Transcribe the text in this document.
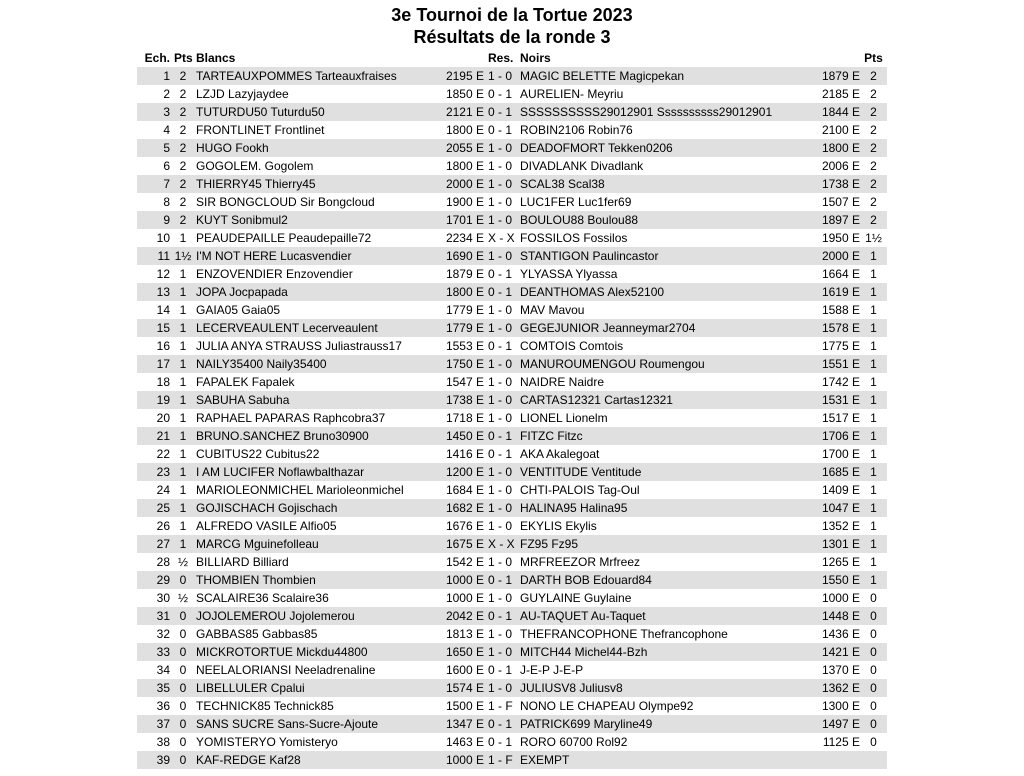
3e Tournoi de la Tortue 2023
Résultats de la ronde 3
Ech.	Pts	Blancs		Res.	Noirs		Pts
1	2	TARTEAUXPOMMES Tarteauxfraises	2195 E	1 - 0	MAGIC BELETTE Magicpekan	1879 E	2
2	2	LZJD Lazyjaydee	1850 E	0 - 1	AURELIEN- Meyriu	2185 E	2
3	2	TUTURDU50 Tuturdu50	2121 E	0 - 1	SSSSSSSSSS29012901 Ssssssssss29012901	1844 E	2
4	2	FRONTLINET Frontlinet	1800 E	0 - 1	ROBIN2106 Robin76	2100 E	2
5	2	HUGO Fookh	2055 E	1 - 0	DEADOFMORT Tekken0206	1800 E	2
6	2	GOGOLEM. Gogolem	1800 E	1 - 0	DIVADLANK Divadlank	2006 E	2
7	2	THIERRY45 Thierry45	2000 E	1 - 0	SCAL38 Scal38	1738 E	2
8	2	SIR BONGCLOUD Sir Bongcloud	1900 E	1 - 0	LUC1FER Luc1fer69	1507 E	2
9	2	KUYT Sonibmul2	1701 E	1 - 0	BOULOU88 Boulou88	1897 E	2
10	1	PEAUDEPAILLE Peaudepaille72	2234 E	X - X	FOSSILOS Fossilos	1950 E	1½
11	1½	I'M NOT HERE Lucasvendier	1690 E	1 - 0	STANTIGON Paulincastor	2000 E	1
12	1	ENZOVENDIER Enzovendier	1879 E	0 - 1	YLYASSA Ylyassa	1664 E	1
13	1	JOPA Jocpapada	1800 E	0 - 1	DEANTHOMAS Alex52100	1619 E	1
14	1	GAIA05 Gaia05	1779 E	1 - 0	MAV Mavou	1588 E	1
15	1	LECERVEAULENT Lecerveaulent	1779 E	1 - 0	GEGEJUNIOR Jeanneymar2704	1578 E	1
16	1	JULIA ANYA STRAUSS Juliastrauss17	1553 E	0 - 1	COMTOIS Comtois	1775 E	1
17	1	NAILY35400 Naily35400	1750 E	1 - 0	MANUROUMENGOU Roumengou	1551 E	1
18	1	FAPALEK Fapalek	1547 E	1 - 0	NAIDRE Naidre	1742 E	1
19	1	SABUHA Sabuha	1738 E	1 - 0	CARTAS12321 Cartas12321	1531 E	1
20	1	RAPHAEL PAPARAS Raphcobra37	1718 E	1 - 0	LIONEL Lionelm	1517 E	1
21	1	BRUNO.SANCHEZ Bruno30900	1450 E	0 - 1	FITZC Fitzc	1706 E	1
22	1	CUBITUS22 Cubitus22	1416 E	0 - 1	AKA Akalegoat	1700 E	1
23	1	I AM LUCIFER Noflawbalthazar	1200 E	1 - 0	VENTITUDE Ventitude	1685 E	1
24	1	MARIOLEONMICHEL Marioleonmichel	1684 E	1 - 0	CHTI-PALOIS Tag-Oul	1409 E	1
25	1	GOJISCHACH Gojischach	1682 E	1 - 0	HALINA95 Halina95	1047 E	1
26	1	ALFREDO VASILE Alfio05	1676 E	1 - 0	EKYLIS Ekylis	1352 E	1
27	1	MARCG Mguinefolleau	1675 E	X - X	FZ95 Fz95	1301 E	1
28	½	BILLIARD Billiard	1542 E	1 - 0	MRFREEZOR Mrfreez	1265 E	1
29	0	THOMBIEN Thombien	1000 E	0 - 1	DARTH BOB Edouard84	1550 E	1
30	½	SCALAIRE36 Scalaire36	1000 E	1 - 0	GUYLAINE Guylaine	1000 E	0
31	0	JOJOLEMEROU Jojolemerou	2042 E	0 - 1	AU-TAQUET Au-Taquet	1448 E	0
32	0	GABBAS85 Gabbas85	1813 E	1 - 0	THEFRANCOPHONE Thefrancophone	1436 E	0
33	0	MICKROTORTUE Mickdu44800	1650 E	1 - 0	MITCH44 Michel44-Bzh	1421 E	0
34	0	NEELALORIANSI Neeladrenaline	1600 E	0 - 1	J-E-P J-E-P	1370 E	0
35	0	LIBELLULER Cpalui	1574 E	1 - 0	JULIUSV8 Juliusv8	1362 E	0
36	0	TECHNICK85 Technick85	1500 E	1 - F	NONO LE CHAPEAU Olympe92	1300 E	0
37	0	SANS SUCRE Sans-Sucre-Ajoute	1347 E	0 - 1	PATRICK699 Maryline49	1497 E	0
38	0	YOMISTERYO Yomisteryo	1463 E	0 - 1	RORO 60700 Rol92	1125 E	0
39	0	KAF-REDGE Kaf28	1000 E	1 - F	EXEMPT		
